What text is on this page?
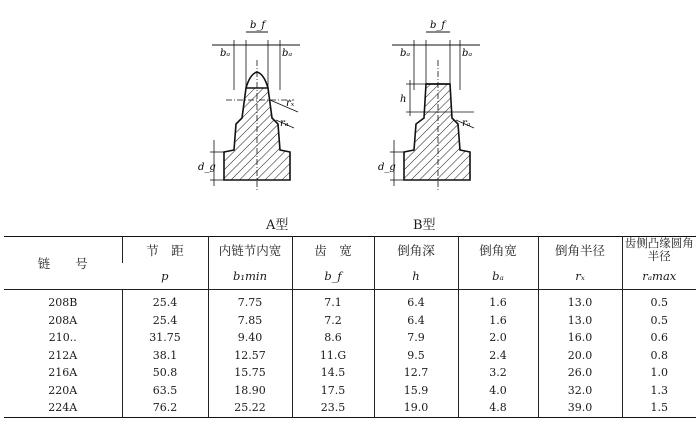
bₐ
b_f
bₐ
rₓ
rₐ
d_g
bₐ
b_f
bₐ
h
rₐ
d_g
A型	B型
链　　号	节　距	内链节内宽	齿　宽	倒角深	倒角宽	倒角半径	齿侧凸缘圆角半径
	p	b₁min	b_f	h	bₐ	rₓ	rₐmax
208B	25.4	7.75	7.1	6.4	1.6	13.0	0.5
208A	25.4	7.85	7.2	6.4	1.6	13.0	0.5
210..	31.75	9.40	8.6	7.9	2.0	16.0	0.6
212A	38.1	12.57	11.G	9.5	2.4	20.0	0.8
216A	50.8	15.75	14.5	12.7	3.2	26.0	1.0
220A	63.5	18.90	17.5	15.9	4.0	32.0	1.3
224A	76.2	25.22	23.5	19.0	4.8	39.0	1.5
